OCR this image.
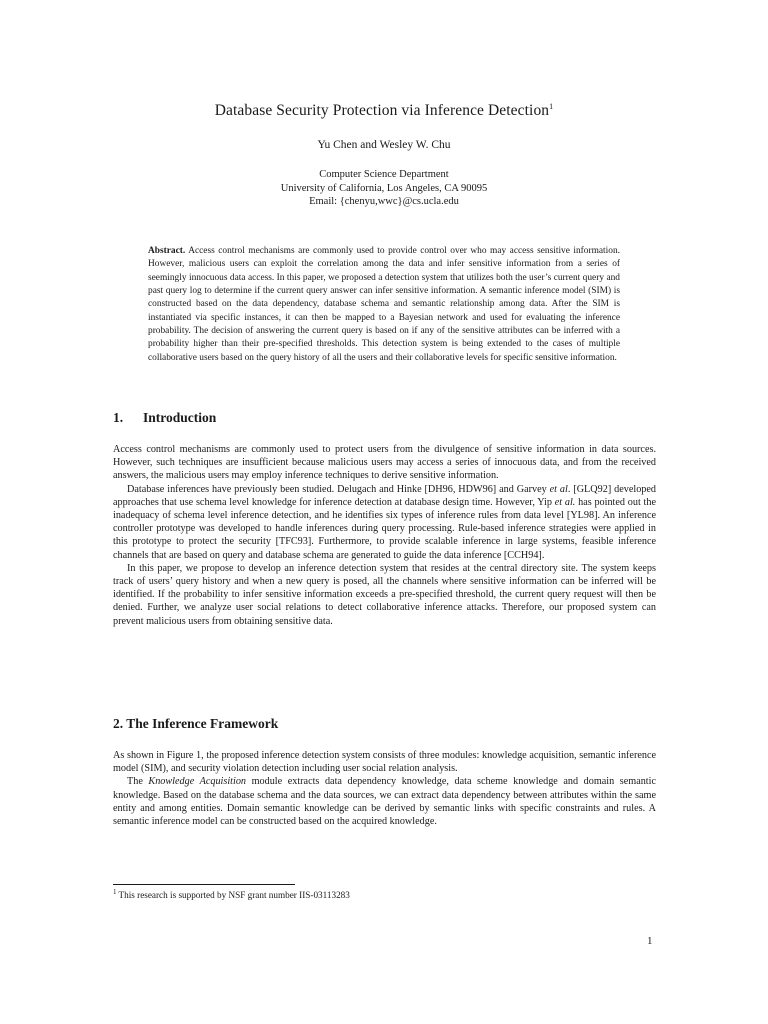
Database Security Protection via Inference Detection$^1$
Yu Chen and Wesley W. Chu
Computer Science Department
University of California, Los Angeles, CA 90095
Email: {chenyu,wwc}@cs.ucla.edu

Abstract. Access control mechanisms are commonly used to provide control over who may access sensitive information. However, malicious users can exploit the correlation among the data and infer sensitive information from a series of seemingly innocuous data access. In this paper, we proposed a detection system that utilizes both the user’s current query and past query log to determine if the current query answer can infer sensitive information. A semantic inference model (SIM) is constructed based on the data dependency, database schema and semantic relationship among data. After the SIM is instantiated via specific instances, it can then be mapped to a Bayesian network and used for evaluating the inference probability. The decision of answering the current query is based on if any of the sensitive attributes can be inferred with a probability higher than their pre-specified thresholds. This detection system is being extended to the cases of multiple collaborative users based on the query history of all the users and their collaborative levels for specific sensitive information.

1. Introduction

Access control mechanisms are commonly used to protect users from the divulgence of sensitive information in data sources. However, such techniques are insufficient because malicious users may access a series of innocuous data, and from the received answers, the malicious users may employ inference techniques to derive sensitive information.

Database inferences have previously been studied. Delugach and Hinke [DH96, HDW96] and Garvey et al. [GLQ92] developed approaches that use schema level knowledge for inference detection at database design time. However, Yip et al. has pointed out the inadequacy of schema level inference detection, and he identifies six types of inference rules from data level [YL98]. An inference controller prototype was developed to handle inferences during query processing. Rule-based inference strategies were applied in this prototype to protect the security [TFC93]. Furthermore, to provide scalable inference in large systems, feasible inference channels that are based on query and database schema are generated to guide the data inference [CCH94].

In this paper, we propose to develop an inference detection system that resides at the central directory site. The system keeps track of users’ query history and when a new query is posed, all the channels where sensitive information can be inferred will be identified. If the probability to infer sensitive information exceeds a pre-specified threshold, the current query request will then be denied. Further, we analyze user social relations to detect collaborative inference attacks. Therefore, our proposed system can prevent malicious users from obtaining sensitive data.

2. The Inference Framework

As shown in Figure 1, the proposed inference detection system consists of three modules: knowledge acquisition, semantic inference model (SIM), and security violation detection including user social relation analysis.

The Knowledge Acquisition module extracts data dependency knowledge, data scheme knowledge and domain semantic knowledge. Based on the database schema and the data sources, we can extract data dependency between attributes within the same entity and among entities. Domain semantic knowledge can be derived by semantic links with specific constraints and rules. A semantic inference model can be constructed based on the acquired knowledge.

$^1$ This research is supported by NSF grant number IIS-03113283

1
